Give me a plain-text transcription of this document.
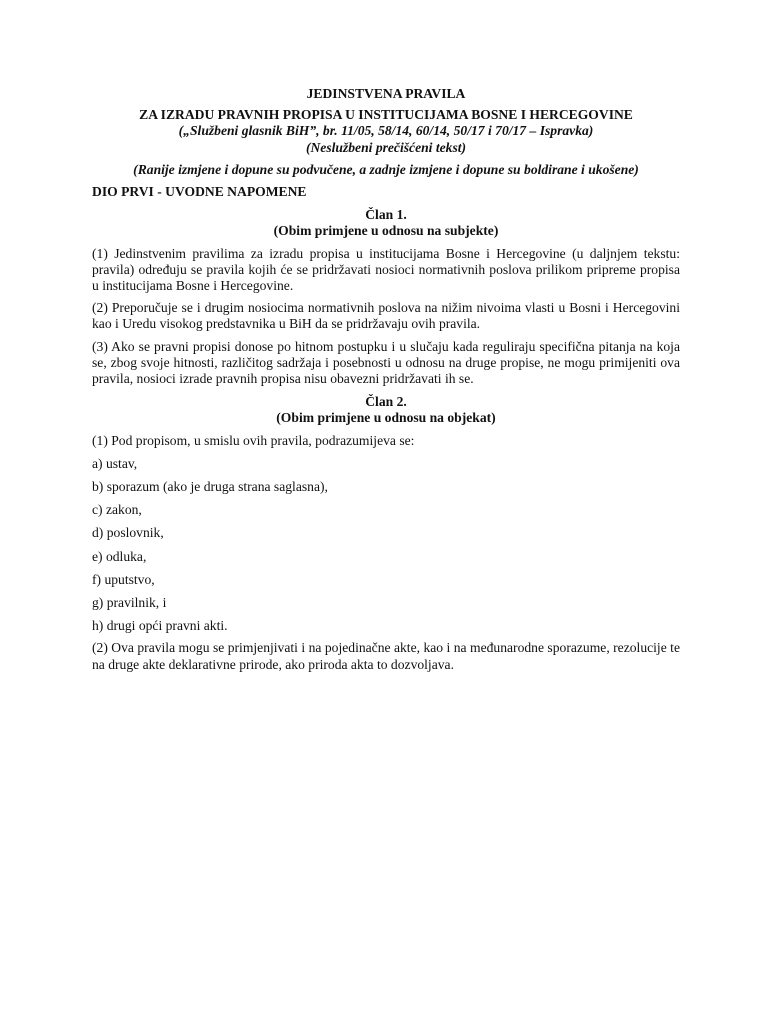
JEDINSTVENA PRAVILA

ZA IZRADU PRAVNIH PROPISA U INSTITUCIJAMA BOSNE I HERCEGOVINE

(„Službeni glasnik BiH”, br. 11/05, 58/14, 60/14, 50/17 i 70/17 – Ispravka)

(Neslužbeni prečišćeni tekst)

(Ranije izmjene i dopune su podvučene, a zadnje izmjene i dopune su boldirane i ukošene)

DIO PRVI - UVODNE NAPOMENE

Član 1.

(Obim primjene u odnosu na subjekte)

(1) Jedinstvenim pravilima za izradu propisa u institucijama Bosne i Hercegovine (u daljnjem tekstu: pravila) određuju se pravila kojih će se pridržavati nosioci normativnih poslova prilikom pripreme propisa u institucijama Bosne i Hercegovine.

(2) Preporučuje se i drugim nosiocima normativnih poslova na nižim nivoima vlasti u Bosni i Hercegovini kao i Uredu visokog predstavnika u BiH da se pridržavaju ovih pravila.

(3) Ako se pravni propisi donose po hitnom postupku i u slučaju kada reguliraju specifična pitanja na koja se, zbog svoje hitnosti, različitog sadržaja i posebnosti u odnosu na druge propise, ne mogu primijeniti ova pravila, nosioci izrade pravnih propisa nisu obavezni pridržavati ih se.

Član 2.

(Obim primjene u odnosu na objekat)

(1) Pod propisom, u smislu ovih pravila, podrazumijeva se:

a) ustav,

b) sporazum (ako je druga strana saglasna),

c) zakon,

d) poslovnik,

e) odluka,

f) uputstvo,

g) pravilnik, i

h) drugi opći pravni akti.

(2) Ova pravila mogu se primjenjivati i na pojedinačne akte, kao i na međunarodne sporazume, rezolucije te na druge akte deklarativne prirode, ako priroda akta to dozvoljava.
